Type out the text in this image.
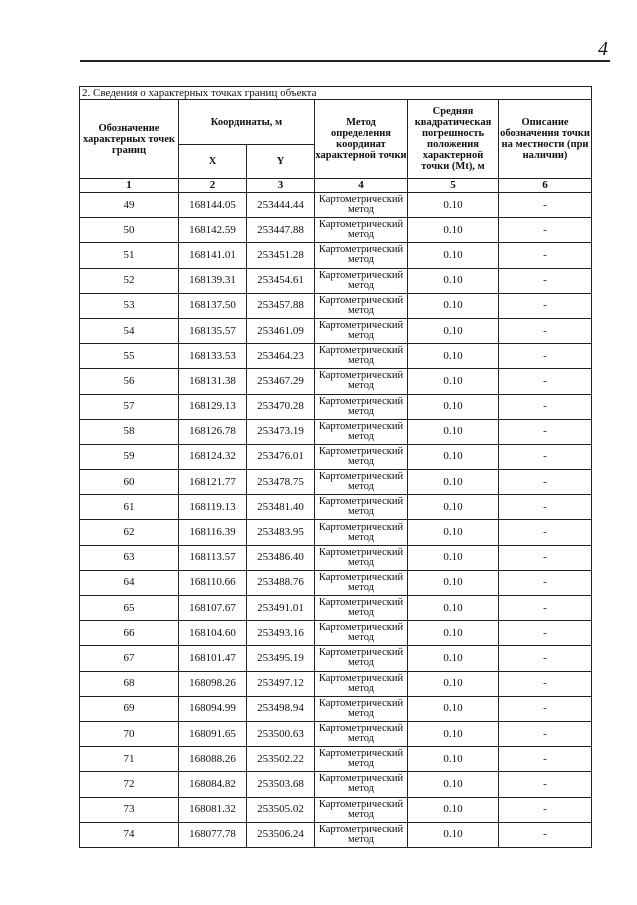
4
2. Сведения о характерных точках границ объекта					
Обозначение характерных точек границ	Координаты, м		Метод определения координат характерной точки	Средняя квадратическая погрешность положения характерной точки (Mt), м	Описание обозначения точки на местности (при наличии)
	X	Y			
1	2	3	4	5	6
49	168144.05	253444.44	Картометрический метод	0.10	-
50	168142.59	253447.88	Картометрический метод	0.10	-
51	168141.01	253451.28	Картометрический метод	0.10	-
52	168139.31	253454.61	Картометрический метод	0.10	-
53	168137.50	253457.88	Картометрический метод	0.10	-
54	168135.57	253461.09	Картометрический метод	0.10	-
55	168133.53	253464.23	Картометрический метод	0.10	-
56	168131.38	253467.29	Картометрический метод	0.10	-
57	168129.13	253470.28	Картометрический метод	0.10	-
58	168126.78	253473.19	Картометрический метод	0.10	-
59	168124.32	253476.01	Картометрический метод	0.10	-
60	168121.77	253478.75	Картометрический метод	0.10	-
61	168119.13	253481.40	Картометрический метод	0.10	-
62	168116.39	253483.95	Картометрический метод	0.10	-
63	168113.57	253486.40	Картометрический метод	0.10	-
64	168110.66	253488.76	Картометрический метод	0.10	-
65	168107.67	253491.01	Картометрический метод	0.10	-
66	168104.60	253493.16	Картометрический метод	0.10	-
67	168101.47	253495.19	Картометрический метод	0.10	-
68	168098.26	253497.12	Картометрический метод	0.10	-
69	168094.99	253498.94	Картометрический метод	0.10	-
70	168091.65	253500.63	Картометрический метод	0.10	-
71	168088.26	253502.22	Картометрический метод	0.10	-
72	168084.82	253503.68	Картометрический метод	0.10	-
73	168081.32	253505.02	Картометрический метод	0.10	-
74	168077.78	253506.24	Картометрический метод	0.10	-
